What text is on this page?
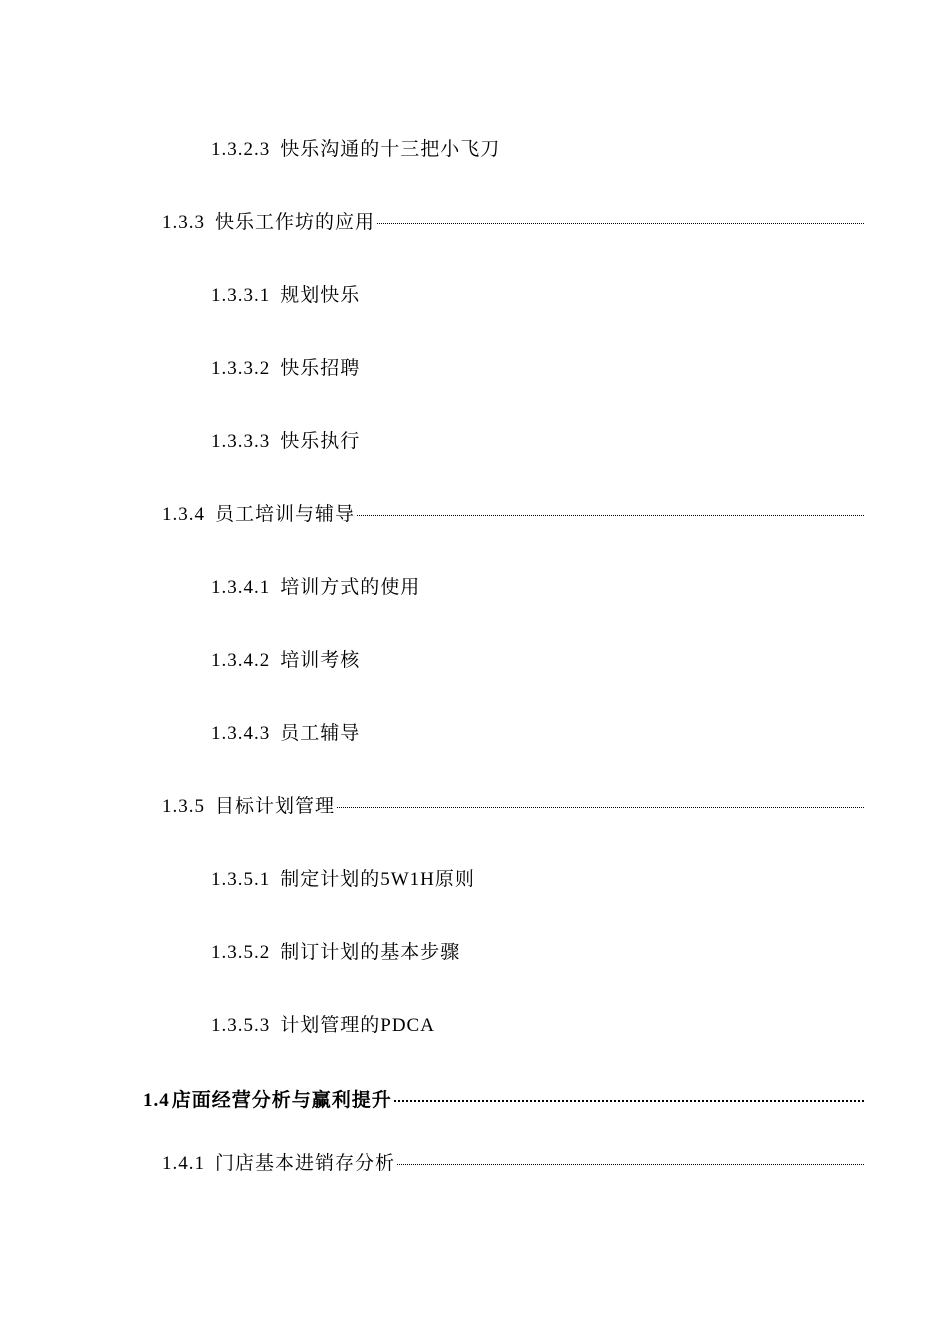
1.3.2.3 快乐沟通的十三把小飞刀
1.3.3 快乐工作坊的应用
1.3.3.1 规划快乐
1.3.3.2 快乐招聘
1.3.3.3 快乐执行
1.3.4 员工培训与辅导
1.3.4.1 培训方式的使用
1.3.4.2 培训考核
1.3.4.3 员工辅导
1.3.5 目标计划管理
1.3.5.1 制定计划的5W1H原则
1.3.5.2 制订计划的基本步骤
1.3.5.3 计划管理的PDCA
1.4 店面经营分析与赢利提升
1.4.1 门店基本进销存分析
